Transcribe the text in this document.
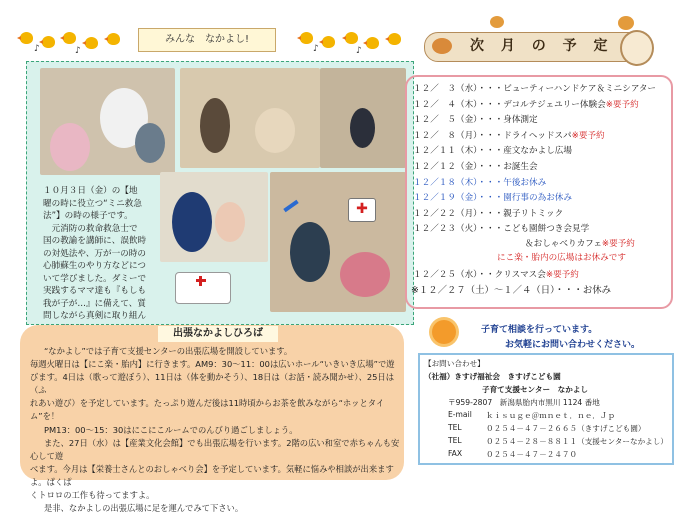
♪	♪	♪	♪
みんな　なかよし!
✚
１０月３日（金）の【地
曜の時に役立つ“ミニ救急
法”】の時の様子です。
　元消防の救命救急士で
国の教諭を講師に、誤飲時
の対処法や、万が一の時の
心肺蘇生のやり方などにつ
いて学びました。ダミーで
実践するママ達も『もしも
我が子が…』に備えて、質
問しながら真剣に取り組ん

次 月 の 予 定
１２／　３（水）・・・ビューティーハンドケア＆ミニシアター
１２／　４（木）・・・デコルテジェユリー体験会※要予約
１２／　５（金）・・・身体測定
１２／　８（月）・・・ドライヘッドスパ※要予約
１２／１１（木）・・・産文なかよし広場
１２／１２（金）・・・お誕生会
１２／１８（木）・・・午後お休み
１２／１９（金）・・・園行事の為お休み
１２／２２（月）・・・親子リトミック
１２／２３（火）・・・こども園餅つき会見学
＆おしゃべりカフェ※要予約
にこ楽・胎内の広場はお休みです
１２／２５（水）・・クリスマス会※要予約
※１２／２７（土）～１／４（日）・・・お休み
出張なかよしひろば

“なかよし”では子育て支援センターの出張広場を開設しています。

毎週火曜日は【にこ楽・胎内】に行きます。AM9：30～11：00は広いホール“いきいき広場”で遊

びます。4日は（歌って遊ぼう）、11日は（体を動かそう）、18日は（お話・読み聞かせ）、25日は（ふ

れあい遊び）を予定しています。たっぷり遊んだ後は11時頃からお茶を飲みながら“ホッとタイム”を！

PM13：00～15：30はにこにこルームでのんびり過ごしましょう。

また、27日（水）は【産業文化会館】でも出張広場を行います。2階の広い和室で赤ちゃんも安心して遊

べます。今月は【栄養士さんとのおしゃべり会】を予定しています。気軽に悩みや相談が出来ますよ。ぱくぱ

くトロロの工作も待ってますよ。

是非、なかよしの出張広場に足を運んでみて下さい。

子育て相談を行っています。
お気軽にお問い合わせください。
【お問い合わせ】
（社福）きすげ福祉会　きすげこども園
子育て支援センター　なかよし
〒959-2807　新潟県胎内市黒川 1124 番地
E-mail ｋｉｓｕｇｅ＠ｍｎｅｔ．ｎｅ．Ｊｐ
TEL	０２５４－４７－２６６５（きすげこども園）
TEL	０２５４－２８－８８１１（支援センターなかよし）
FAX	０２５４－４７－２４７０
